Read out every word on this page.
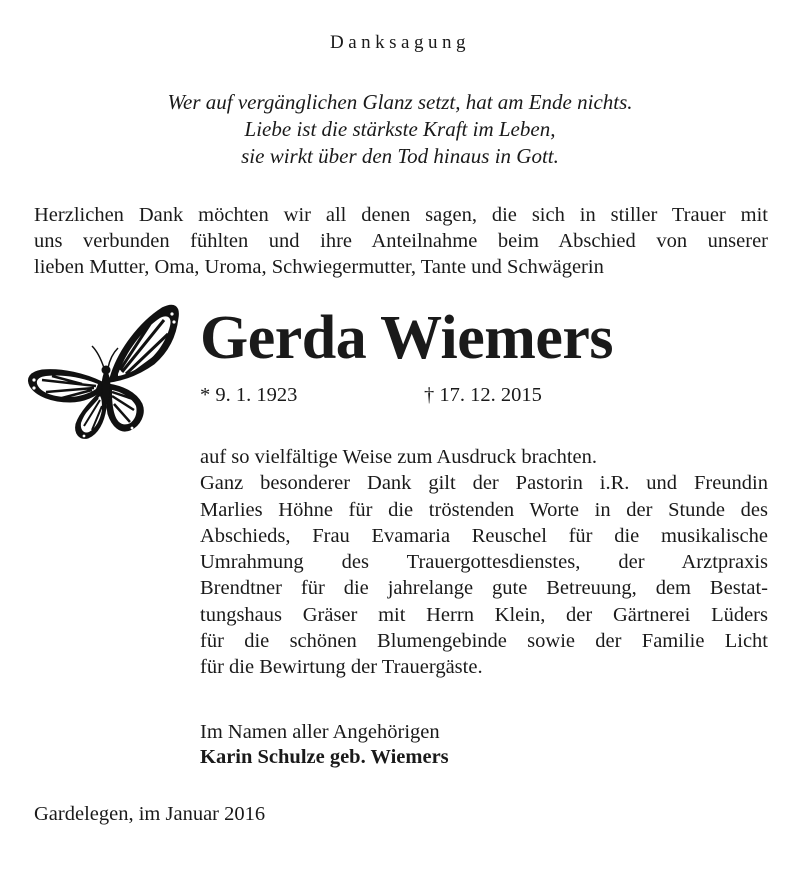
Danksagung
Wer auf vergänglichen Glanz setzt, hat am Ende nichts.
Liebe ist die stärkste Kraft im Leben,
sie wirkt über den Tod hinaus in Gott.
Herzlichen Dank möchten wir all denen sagen, die sich in stiller Trauer mit
uns verbunden fühlten und ihre Anteilnahme beim Abschied von unserer
lieben Mutter, Oma, Uroma, Schwiegermutter, Tante und Schwägerin
Gerda Wiemers
* 9. 1. 1923	† 17. 12. 2015
auf so vielfältige Weise zum Ausdruck brachten.
Ganz besonderer Dank gilt der Pastorin i.R. und Freundin
Marlies Höhne für die tröstenden Worte in der Stunde des
Abschieds, Frau Evamaria Reuschel für die musikalische
Umrahmung des Trauergottesdienstes, der Arztpraxis
Brendtner für die jahrelange gute Betreuung, dem Bestat-
tungshaus Gräser mit Herrn Klein, der Gärtnerei Lüders
für die schönen Blumengebinde sowie der Familie Licht
für die Bewirtung der Trauergäste.
Im Namen aller Angehörigen
Karin Schulze geb. Wiemers
Gardelegen, im Januar 2016
